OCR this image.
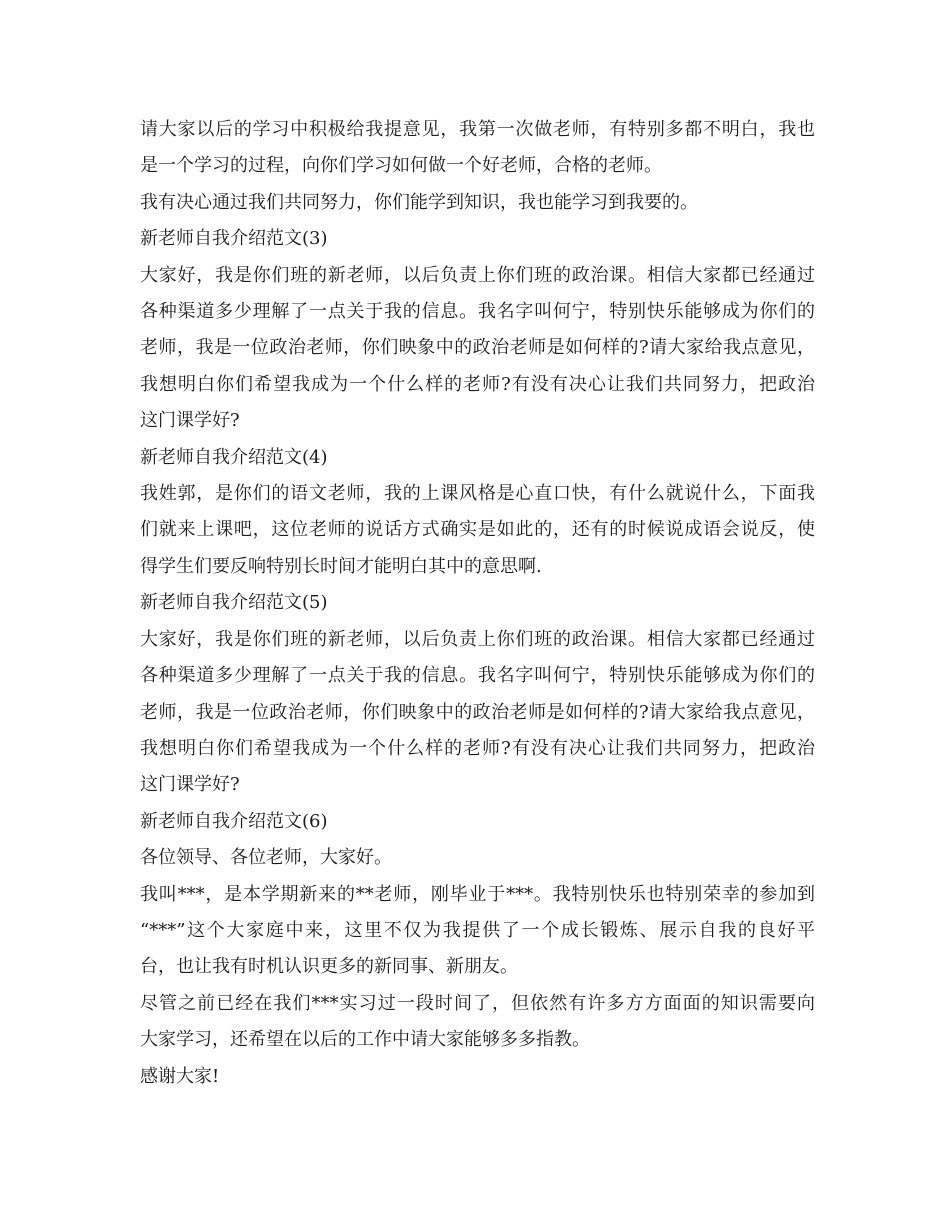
请大家以后的学习中积极给我提意见，我第一次做老师，有特别多都不明白，我也
是一个学习的过程，向你们学习如何做一个好老师，合格的老师。

我有决心通过我们共同努力，你们能学到知识，我也能学习到我要的。

新老师自我介绍范文(3)

大家好，我是你们班的新老师，以后负责上你们班的政治课。相信大家都已经通过
各种渠道多少理解了一点关于我的信息。我名字叫何宁，特别快乐能够成为你们的
老师，我是一位政治老师，你们映象中的政治老师是如何样的?请大家给我点意见，
我想明白你们希望我成为一个什么样的老师?有没有决心让我们共同努力，把政治
这门课学好?

新老师自我介绍范文(4)

我姓郭，是你们的语文老师，我的上课风格是心直口快，有什么就说什么，下面我
们就来上课吧，这位老师的说话方式确实是如此的，还有的时候说成语会说反，使
得学生们要反响特别长时间才能明白其中的意思啊.

新老师自我介绍范文(5)

大家好，我是你们班的新老师，以后负责上你们班的政治课。相信大家都已经通过
各种渠道多少理解了一点关于我的信息。我名字叫何宁，特别快乐能够成为你们的
老师，我是一位政治老师，你们映象中的政治老师是如何样的?请大家给我点意见，
我想明白你们希望我成为一个什么样的老师?有没有决心让我们共同努力，把政治
这门课学好?

新老师自我介绍范文(6)

各位领导、各位老师，大家好。

我叫***，是本学期新来的**老师，刚毕业于***。我特别快乐也特别荣幸的参加到
“***”这个大家庭中来，这里不仅为我提供了一个成长锻炼、展示自我的良好平
台，也让我有时机认识更多的新同事、新朋友。

尽管之前已经在我们***实习过一段时间了，但依然有许多方方面面的知识需要向
大家学习，还希望在以后的工作中请大家能够多多指教。

感谢大家!
